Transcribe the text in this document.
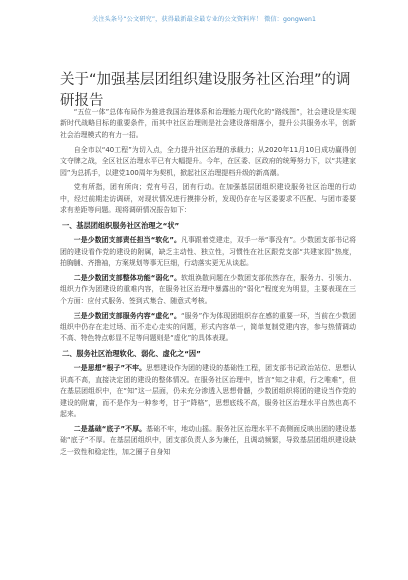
关注头条号“公文研究”，获得最新最全最专业的公文资料库！ 微信：gongwen1
关于“加强基层团组织建设服务社区治理”的调研报告
“五位一体”总体布局作为推进我国治理体系和治理能力现代化的“路线图”，社会建设是实现新时代战略目标的重要条件，而其中社区治理则是社会建设落细落小，提升公共服务水平，创新社会治理模式的有力一招。
自全市以“40工程”为切入点，全力提升社区治理的承载力；从2020年11月10日成功赢得创文夺牌之战，全区社区治理水平已有大幅提升。今年，在区委、区政府的统筹努力下，以“共建家园”为总抓手，以建党100周年为契机，掀起社区治理提档升级的新高潮。
党有所指，团有所向；党有号召，团有行动。在加强基层团组织建设服务社区治理的行动中，经过前期走访调研，对现状情况进行摸排分析，发现仍存在与区委要求不匹配、与团市委要求有差距等问题。现将调研情况报告如下：
一、基层团组织服务社区治理之“状”
一是少数团支部责任担当“软化”。凡事跟着党建走，双手一举“事没有”。少数团支部书记将团的建设看作党的建设的附属，缺乏主动性、独立性，习惯性在社区跟党支部“共建家园”热度，拍胸脯、齐撸袖，方案规划等事无巨细，行动落实更无从谈起。
二是少数团支部整体功能“弱化”。软组涣散问题在少数团支部依然存在，服务力、引领力、组织力作为团建设的重难内容，在服务社区治理中暴露出的“弱化”程度充为明显，主要表现在三个方面：应付式服务、签到式集合、随意式考核。
三是少数团支部服务内容“虚化”。“服务”作为体现团组织存在感的重要一环，当前在少数团组织中仍存在走过场、而不走心走实的问题，形式内容单一，简单复制党建内容，参与热情调动不高、特色特点彰显不足等问题则是“虚化”的具体表现。
二、服务社区治理软化、弱化、虚化之“因”
一是思想“根子”不牢。思想建设作为团的建设的基础性工程，团支部书记政治站位、思想认识高不高，直接决定团的建设的整体情况。在服务社区治理中，皆言“知之非艰，行之唯难”，但在基层团组织中，在“知”这一层面，仍未充分渗透入思想骨髓，少数团组织将团的建设当作党的建设的附庸，而不是作为一种参考，甘于“降格”，思想底线不高，服务社区治理水平自然也高不起来。
二是基础“底子”不厚。基础不牢，地动山摇。服务社区治理水平不高侧面反映出团的建设基础“底子”不厚。在基层团组织中，团支部负责人多为兼任，且调动频繁，导致基层团组织建设缺乏一致性和稳定性，加之圈子自身知
